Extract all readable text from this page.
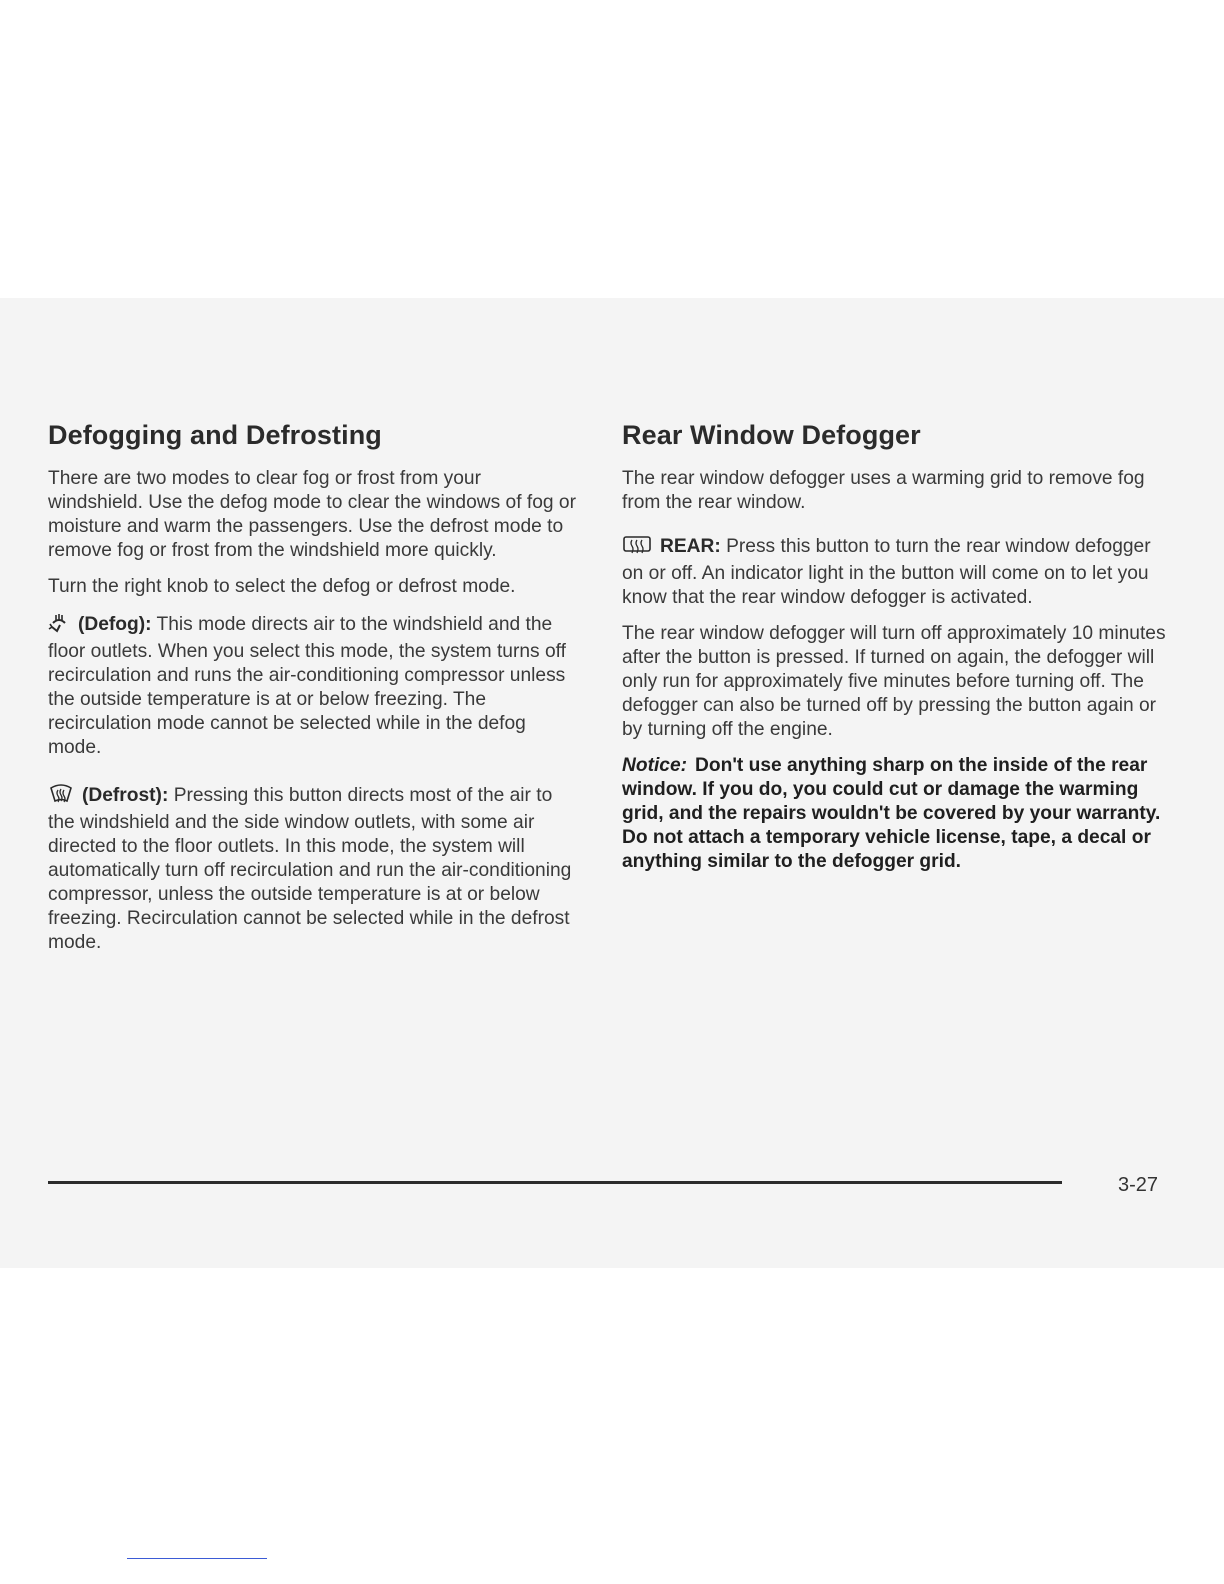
Defogging and Defrosting

There are two modes to clear fog or frost from your windshield. Use the defog mode to clear the windows of fog or moisture and warm the passengers. Use the defrost mode to remove fog or frost from the windshield more quickly.

Turn the right knob to select the defog or defrost mode.

(Defog): This mode directs air to the windshield and the floor outlets. When you select this mode, the system turns off recirculation and runs the air-conditioning compressor unless the outside temperature is at or below freezing. The recirculation mode cannot be selected while in the defog mode.

(Defrost): Pressing this button directs most of the air to the windshield and the side window outlets, with some air directed to the floor outlets. In this mode, the system will automatically turn off recirculation and run the air-conditioning compressor, unless the outside temperature is at or below freezing. Recirculation cannot be selected while in the defrost mode.

Rear Window Defogger

The rear window defogger uses a warming grid to remove fog from the rear window.

REAR: Press this button to turn the rear window defogger on or off. An indicator light in the button will come on to let you know that the rear window defogger is activated.

The rear window defogger will turn off approximately 10 minutes after the button is pressed. If turned on again, the defogger will only run for approximately five minutes before turning off. The defogger can also be turned off by pressing the button again or by turning off the engine.

Notice: Don't use anything sharp on the inside of the rear window. If you do, you could cut or damage the warming grid, and the repairs wouldn't be covered by your warranty. Do not attach a temporary vehicle license, tape, a decal or anything similar to the defogger grid.

3-27
